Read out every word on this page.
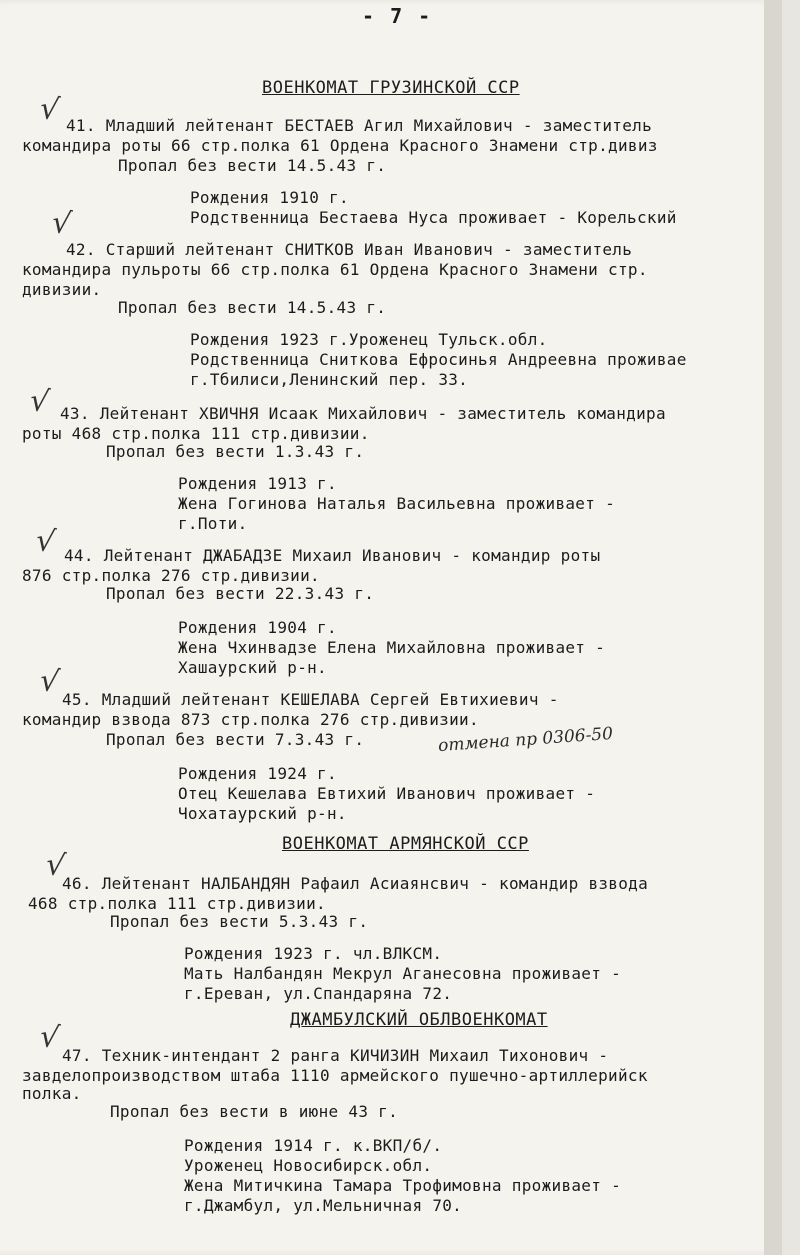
- 7 -
ВОЕНКОМАТ ГРУЗИНСКОЙ ССР
√ 41. Младший лейтенант БЕСТАЕВ Агил Михайлович - заместитель
командира роты 66 стр.полка 61 Ордена Красного Знамени стр.дивиз
Пропал без вести 14.5.43 г.
Рождения 1910 г.
Родственница Бестаева Нуса проживает - Корельский
√
42. Старший лейтенант СНИТКОВ Иван Иванович - заместитель
командира пульроты 66 стр.полка 61 Ордена Красного Знамени стр.
дивизии.
Пропал без вести 14.5.43 г.
Рождения 1923 г.Уроженец Тульск.обл.
Родственница Сниткова Ефросинья Андреевна проживае
г.Тбилиси,Ленинский пер. 33.
√ 43. Лейтенант ХВИЧНЯ Исаак Михайлович - заместитель командира
роты 468 стр.полка 111 стр.дивизии.
Пропал без вести 1.3.43 г.
Рождения 1913 г.
Жена Гогинова Наталья Васильевна проживает -
г.Поти.
√ 44. Лейтенант ДЖАБАДЗЕ Михаил Иванович - командир роты
876 стр.полка 276 стр.дивизии.
Пропал без вести 22.3.43 г.
Рождения 1904 г.
Жена Чхинвадзе Елена Михайловна проживает -
Хашаурский р-н.
√ 45. Младший лейтенант КЕШЕЛАВА Сергей Евтихиевич -
командир взвода 873 стр.полка 276 стр.дивизии.
Пропал без вести 7.3.43 г.	отмена пр 0306-50
Рождения 1924 г.
Отец Кешелава Евтихий Иванович проживает -
Чохатаурский р-н.
ВОЕНКОМАТ АРМЯНСКОЙ ССР
√
46. Лейтенант НАЛБАНДЯН Рафаил Асиаянсвич - командир взвода
468 стр.полка 111 стр.дивизии.
Пропал без вести 5.3.43 г.
Рождения 1923 г. чл.ВЛКСМ.
Мать Налбандян Мекрул Аганесовна проживает -
г.Ереван, ул.Спандаряна 72.
ДЖАМБУЛСКИЙ ОБЛВОЕНКОМАТ
√ 47. Техник-интендант 2 ранга КИЧИЗИН Михаил Тихонович -
завделопроизводством штаба 1110 армейского пушечно-артиллерийск
полка.
Пропал без вести в июне 43 г.
Рождения 1914 г. к.ВКП/б/.
Уроженец Новосибирск.обл.
Жена Митичкина Тамара Трофимовна проживает -
г.Джамбул, ул.Мельничная 70.
